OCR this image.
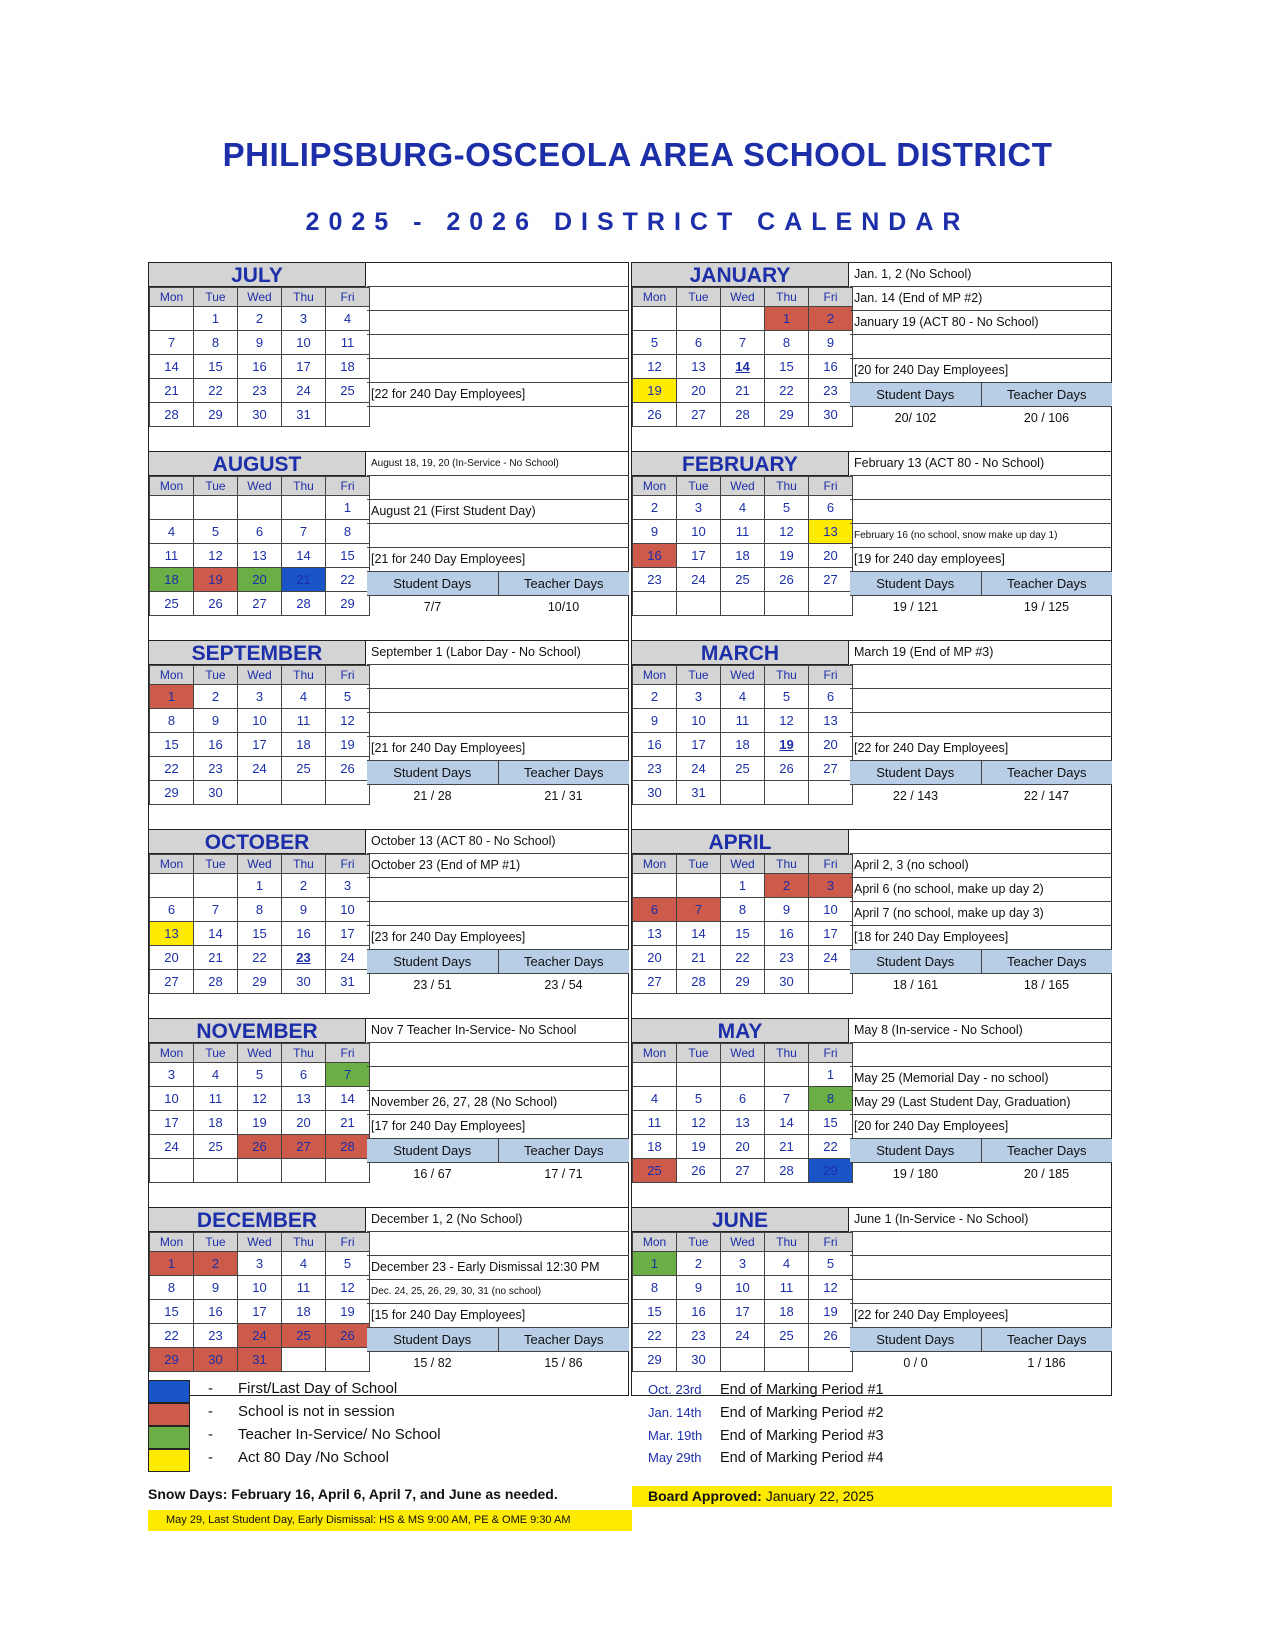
PHILIPSBURG-OSCEOLA AREA SCHOOL DISTRICT
2025 - 2026 DISTRICT CALENDAR
JULY
Mon	Tue	Wed	Thu	Fri
	1	2	3	4
7	8	9	10	11
14	15	16	17	18
21	22	23	24	25
28	29	30	31	
[22 for 240 Day Employees]
AUGUST
Mon	Tue	Wed	Thu	Fri
				1
4	5	6	7	8
11	12	13	14	15
18	19	20	21	22
25	26	27	28	29
August 18, 19, 20 (In-Service - No School)
August 21 (First Student Day)
[21 for 240 Day Employees]
Student Days	Teacher Days
7/7	10/10
SEPTEMBER
Mon	Tue	Wed	Thu	Fri
1	2	3	4	5
8	9	10	11	12
15	16	17	18	19
22	23	24	25	26
29	30			
September 1 (Labor Day - No School)
[21 for 240 Day Employees]
Student Days	Teacher Days
21 / 28	21 / 31
OCTOBER
Mon	Tue	Wed	Thu	Fri
		1	2	3
6	7	8	9	10
13	14	15	16	17
20	21	22	23	24
27	28	29	30	31
October 13 (ACT 80 - No School)
October 23 (End of MP #1)
[23 for 240 Day Employees]
Student Days	Teacher Days
23 / 51	23 / 54
NOVEMBER
Mon	Tue	Wed	Thu	Fri
3	4	5	6	7
10	11	12	13	14
17	18	19	20	21
24	25	26	27	28

Nov 7 Teacher In-Service- No School
November 26, 27, 28 (No School)
[17 for 240 Day Employees]
Student Days	Teacher Days
16 / 67	17 / 71
DECEMBER
Mon	Tue	Wed	Thu	Fri
1	2	3	4	5
8	9	10	11	12
15	16	17	18	19
22	23	24	25	26
29	30	31		
December 1, 2 (No School)
December 23 - Early Dismissal 12:30 PM
Dec. 24, 25, 26, 29, 30, 31 (no school)
[15 for 240 Day Employees]
Student Days	Teacher Days
15 / 82	15 / 86
JANUARY
Mon	Tue	Wed	Thu	Fri
			1	2
5	6	7	8	9
12	13	14	15	16
19	20	21	22	23
26	27	28	29	30
Jan. 1, 2 (No School)
Jan. 14 (End of MP #2)
January 19 (ACT 80 - No School)
[20 for 240 Day Employees]
Student Days	Teacher Days
20/ 102	20 / 106
FEBRUARY
Mon	Tue	Wed	Thu	Fri
2	3	4	5	6
9	10	11	12	13
16	17	18	19	20
23	24	25	26	27

February 13 (ACT 80 - No School)
February 16 (no school, snow make up day 1)
[19 for 240 day employees]
Student Days	Teacher Days
19 / 121	19 / 125
MARCH
Mon	Tue	Wed	Thu	Fri
2	3	4	5	6
9	10	11	12	13
16	17	18	19	20
23	24	25	26	27
30	31			
March 19 (End of MP #3)
[22 for 240 Day Employees]
Student Days	Teacher Days
22 / 143	22 / 147
APRIL
Mon	Tue	Wed	Thu	Fri
		1	2	3
6	7	8	9	10
13	14	15	16	17
20	21	22	23	24
27	28	29	30	
April 2, 3 (no school)
April 6 (no school, make up day 2)
April 7 (no school, make up day 3)
[18 for 240 Day Employees]
Student Days	Teacher Days
18 / 161	18 / 165
MAY
Mon	Tue	Wed	Thu	Fri
				1
4	5	6	7	8
11	12	13	14	15
18	19	20	21	22
25	26	27	28	29
May 8 (In-service - No School)
May 25 (Memorial Day - no school)
May 29 (Last Student Day, Graduation)
[20 for 240 Day Employees]
Student Days	Teacher Days
19 / 180	20 / 185
JUNE
Mon	Tue	Wed	Thu	Fri
1	2	3	4	5
8	9	10	11	12
15	16	17	18	19
22	23	24	25	26
29	30			
June 1 (In-Service - No School)
[22 for 240 Day Employees]
Student Days	Teacher Days
0 / 0	1 / 186
-
-
-
-
First/Last Day of School
School is not in session
Teacher In-Service/ No School
Act 80 Day /No School
Oct. 23rd End of Marking Period #1
Jan. 14th End of Marking Period #2
Mar. 19th End of Marking Period #3
May 29th End of Marking Period #4
Snow Days: February 16, April 6, April 7, and June as needed.	Board Approved: January 22, 2025
May 29, Last Student Day, Early Dismissal: HS & MS 9:00 AM, PE & OME 9:30 AM
